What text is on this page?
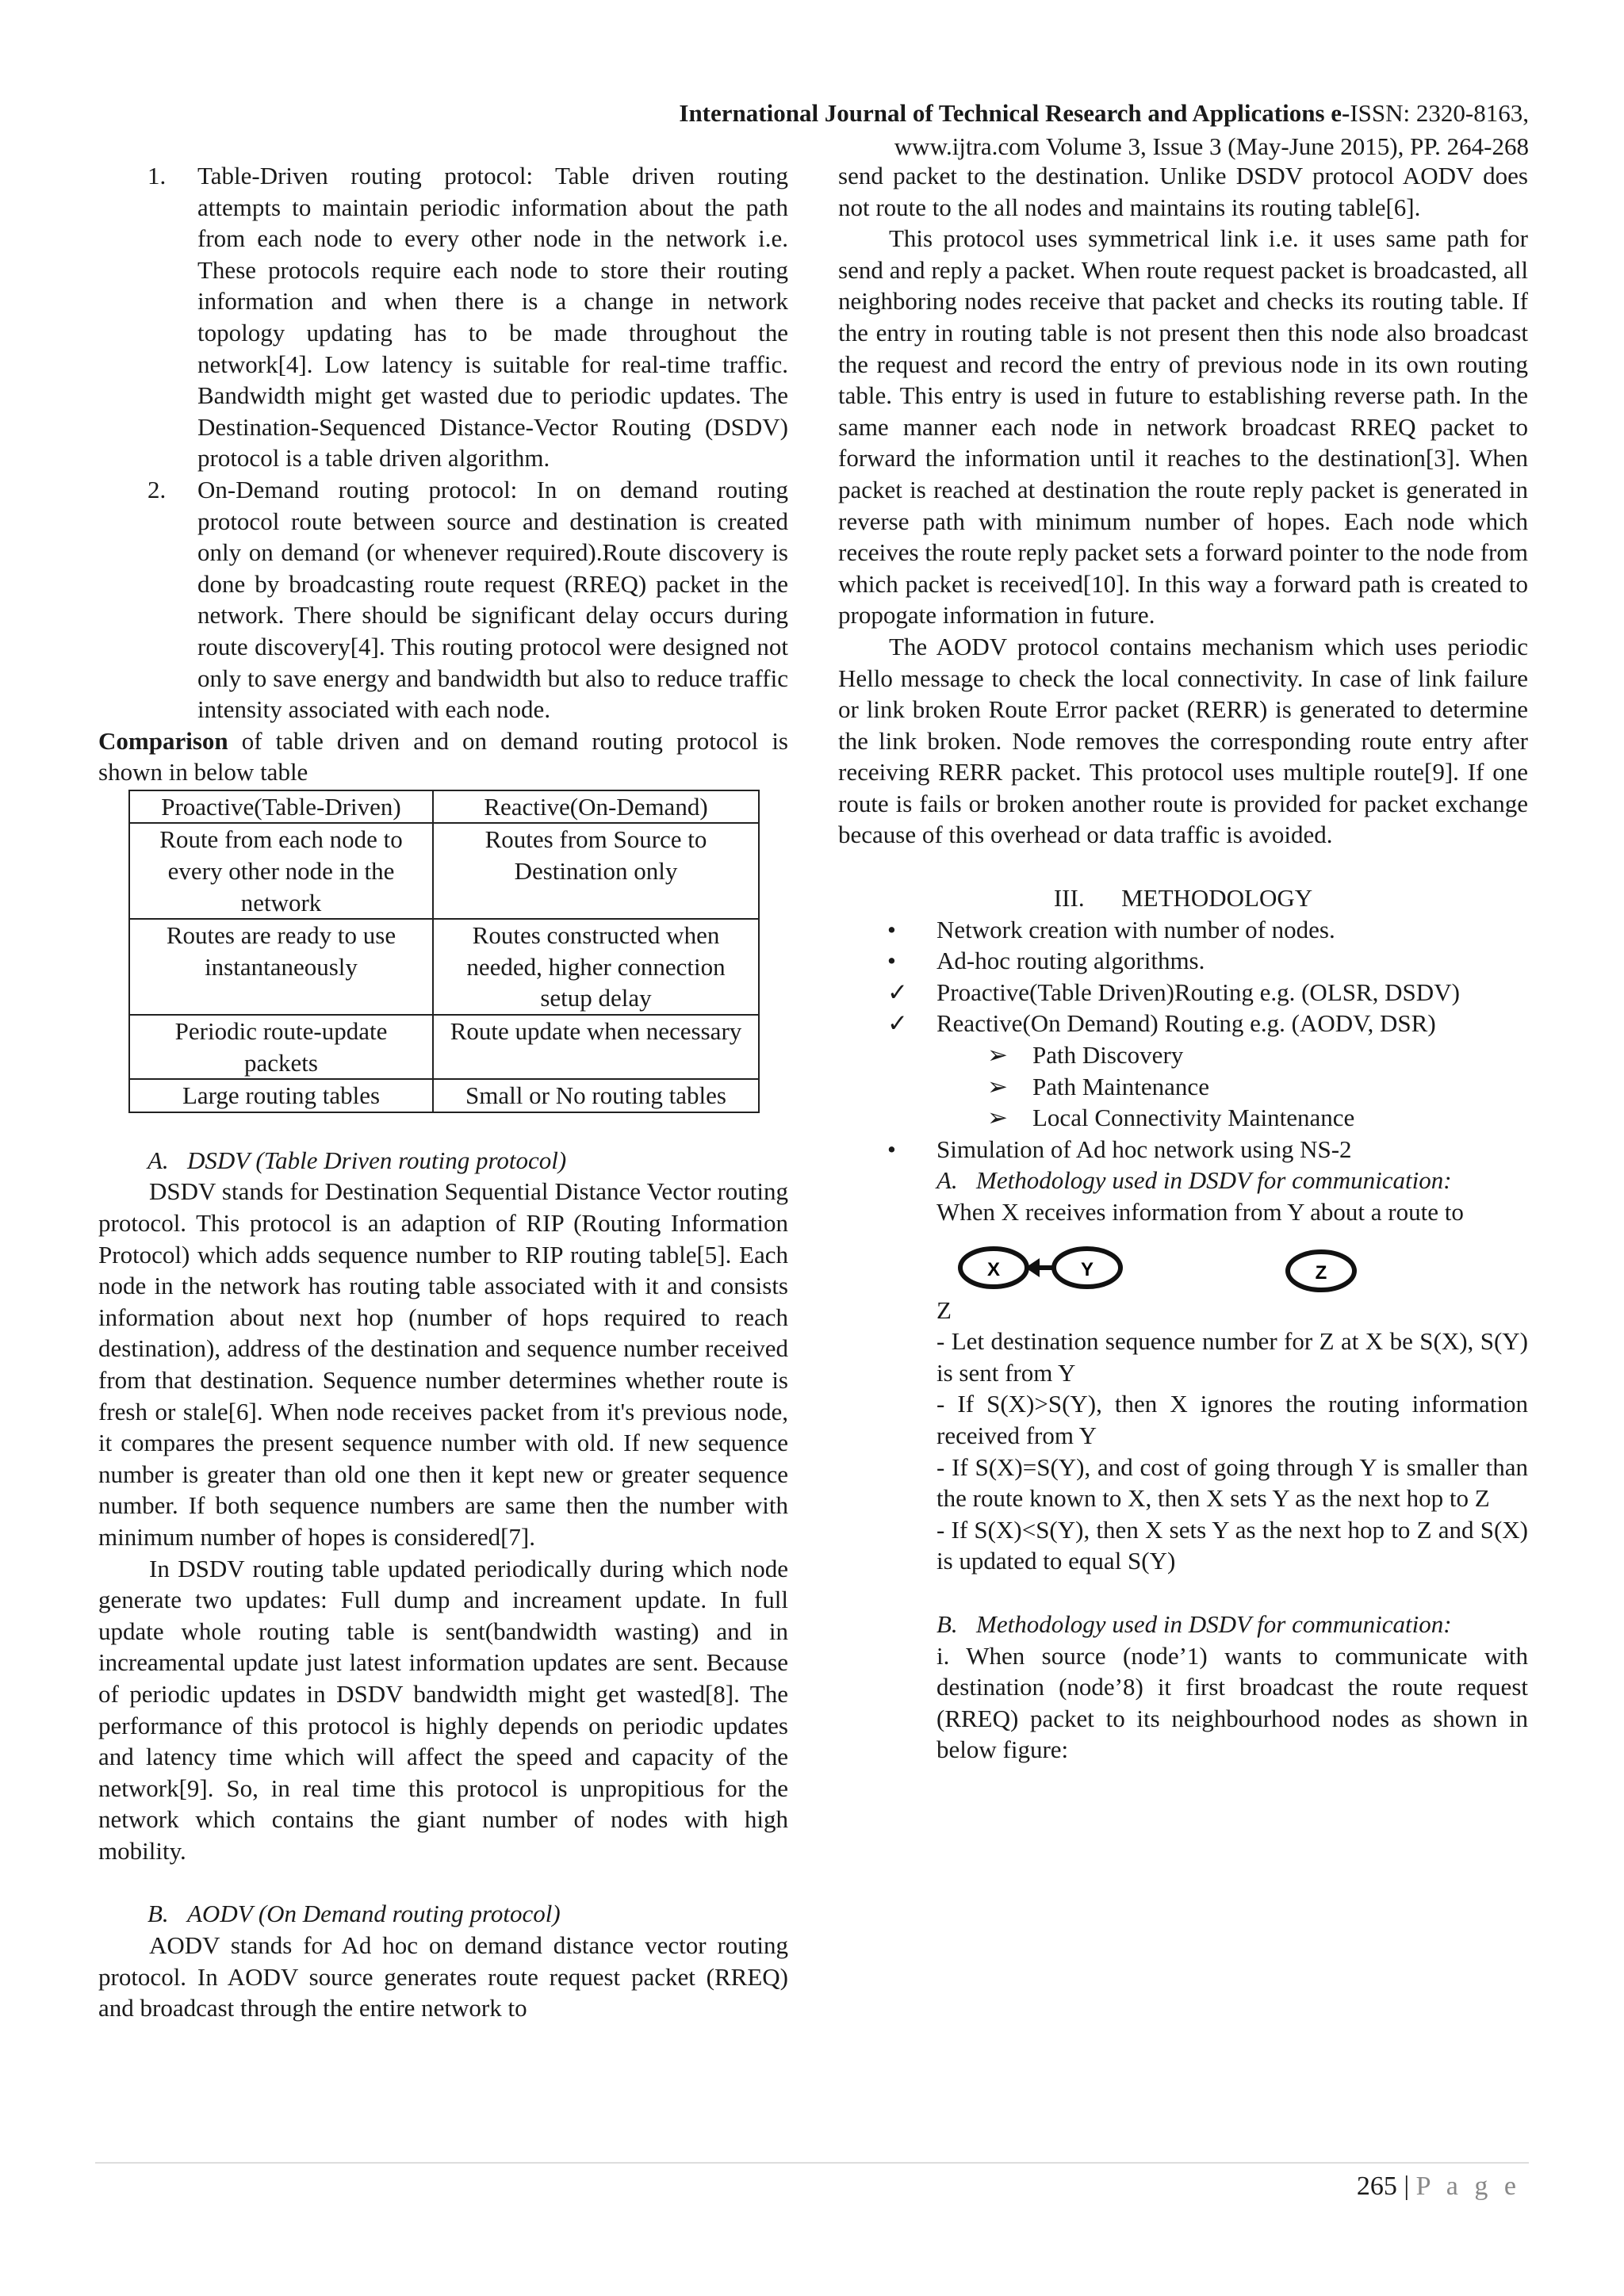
International Journal of Technical Research and Applications e-ISSN: 2320-8163,
www.ijtra.com Volume 3, Issue 3 (May-June 2015), PP. 264-268
1. Table-Driven routing protocol: Table driven routing attempts to maintain periodic information about the path from each node to every other node in the network i.e. These protocols require each node to store their routing information and when there is a change in network topology updating has to be made throughout the network[4]. Low latency is suitable for real-time traffic. Bandwidth might get wasted due to periodic updates. The Destination-Sequenced Distance-Vector Routing (DSDV) protocol is a table driven algorithm.
2. On-Demand routing protocol: In on demand routing protocol route between source and destination is created only on demand (or whenever required).Route discovery is done by broadcasting route request (RREQ) packet in the network. There should be significant delay occurs during route discovery[4]. This routing protocol were designed not only to save energy and bandwidth but also to reduce traffic intensity associated with each node.

Comparison of table driven and on demand routing protocol is shown in below table

Proactive(Table-Driven)	Reactive(On-Demand)
Route from each node to every other node in the network	Routes from Source to Destination only
Routes are ready to use instantaneously	Routes constructed when needed, higher connection setup delay
Periodic route-update packets	Route update when necessary
Large routing tables	Small or No routing tables

A. DSDV (Table Driven routing protocol)

DSDV stands for Destination Sequential Distance Vector routing protocol. This protocol is an adaption of RIP (Routing Information Protocol) which adds sequence number to RIP routing table[5]. Each node in the network has routing table associated with it and consists information about next hop (number of hops required to reach destination), address of the destination and sequence number received from that destination. Sequence number determines whether route is fresh or stale[6]. When node receives packet from it's previous node, it compares the present sequence number with old. If new sequence number is greater than old one then it kept new or greater sequence number. If both sequence numbers are same then the number with minimum number of hopes is considered[7].

In DSDV routing table updated periodically during which node generate two updates: Full dump and increament update. In full update whole routing table is sent(bandwidth wasting) and in increamental update just latest information updates are sent. Because of periodic updates in DSDV bandwidth might get wasted[8]. The performance of this protocol is highly depends on periodic updates and latency time which will affect the speed and capacity of the network[9]. So, in real time this protocol is unpropitious for the network which contains the giant number of nodes with high mobility.

B. AODV (On Demand routing protocol)

AODV stands for Ad hoc on demand distance vector routing protocol. In AODV source generates route request packet (RREQ) and broadcast through the entire network to

send packet to the destination. Unlike DSDV protocol AODV does not route to the all nodes and maintains its routing table[6].

This protocol uses symmetrical link i.e. it uses same path for send and reply a packet. When route request packet is broadcasted, all neighboring nodes receive that packet and checks its routing table. If the entry in routing table is not present then this node also broadcast the request and record the entry of previous node in its own routing table. This entry is used in future to establishing reverse path. In the same manner each node in network broadcast RREQ packet to forward the information until it reaches to the destination[3]. When packet is reached at destination the route reply packet is generated in reverse path with minimum number of hopes. Each node which receives the route reply packet sets a forward pointer to the node from which packet is received[10]. In this way a forward path is created to propogate information in future.

The AODV protocol contains mechanism which uses periodic Hello message to check the local connectivity. In case of link failure or link broken Route Error packet (RERR) is generated to determine the link broken. Node removes the corresponding route entry after receiving RERR packet. This protocol uses multiple route[9]. If one route is fails or broken another route is provided for packet exchange because of this overhead or data traffic is avoided.

III.      METHODOLOGY

• Network creation with number of nodes.
• Ad-hoc routing algorithms.
✓ Proactive(Table Driven)Routing e.g. (OLSR, DSDV)
✓ Reactive(On Demand) Routing e.g. (AODV, DSR)
➢ Path Discovery
➢ Path Maintenance
➢ Local Connectivity Maintenance
• Simulation of Ad hoc network using NS-2

A. Methodology used in DSDV for communication:

When X receives information from Y about a route to

X	Y	Z

Z

- Let destination sequence number for Z at X be S(X), S(Y) is sent from Y

- If S(X)>S(Y), then X ignores the routing information received from Y

- If S(X)=S(Y), and cost of going through Y is smaller than the route known to X, then X sets Y as the next hop to Z

- If S(X)<S(Y), then X sets Y as the next hop to Z and S(X) is updated to equal S(Y)

B. Methodology used in DSDV for communication:

i. When source (node’1) wants to communicate with destination (node’8) it first broadcast the route request (RREQ) packet to its neighbourhood nodes as shown in below figure:

265 | P a g e
